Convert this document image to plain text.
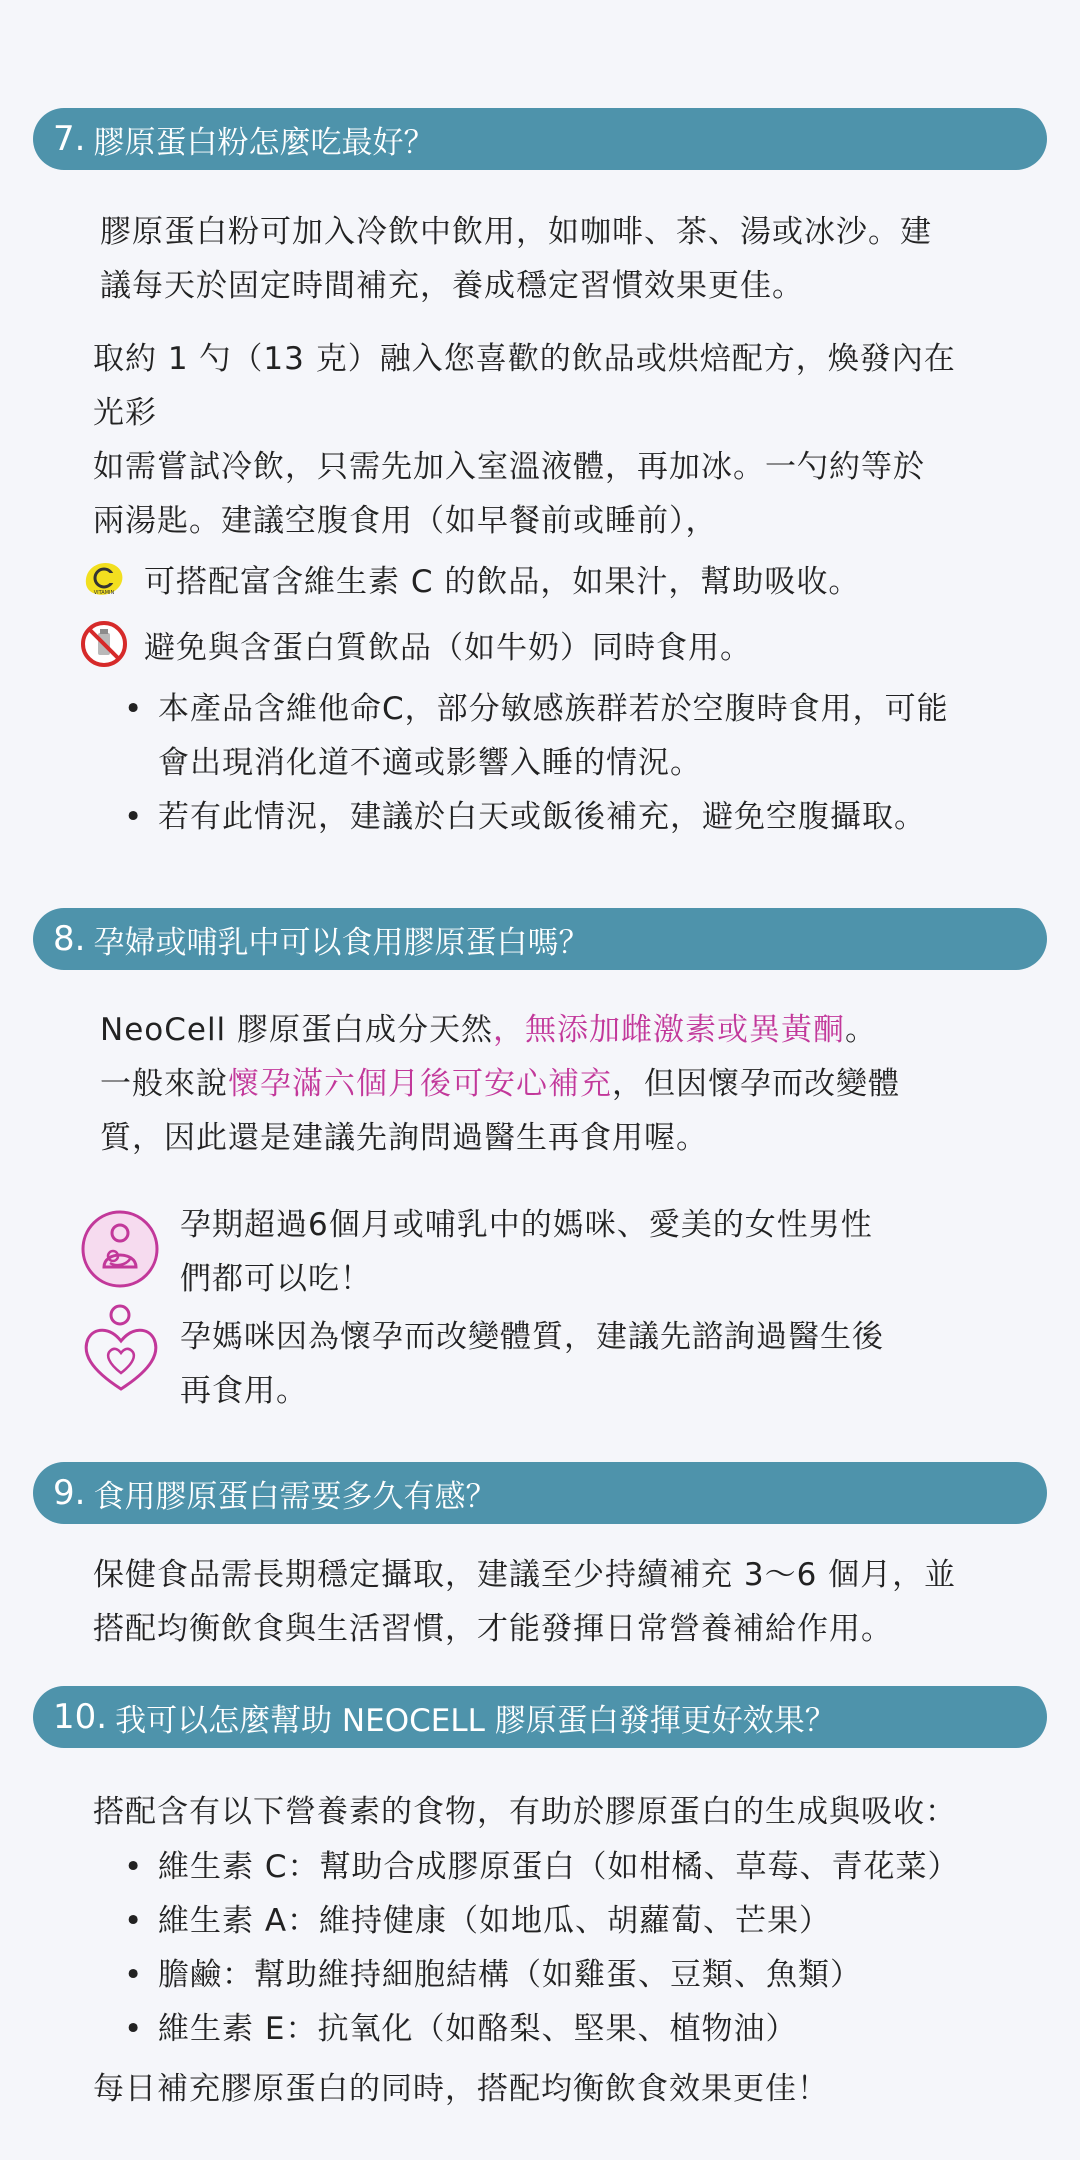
7. 膠原蛋白粉怎麼吃最好？
膠原蛋白粉可加入冷飲中飲用，如咖啡、茶、湯或冰沙。建
議每天於固定時間補充，養成穩定習慣效果更佳。
取約 1 勺（13 克）融入您喜歡的飲品或烘焙配方，煥發內在
光彩
如需嘗試冷飲，只需先加入室溫液體，再加冰。一勺約等於
兩湯匙。建議空腹食用（如早餐前或睡前），
VITAMIN 可搭配富含維生素 C 的飲品，如果汁，幫助吸收。
避免與含蛋白質飲品（如牛奶）同時食用。
• 本產品含維他命C，部分敏感族群若於空腹時食用，可能
會出現消化道不適或影響入睡的情況。
• 若有此情況，建議於白天或飯後補充，避免空腹攝取。
8. 孕婦或哺乳中可以食用膠原蛋白嗎？
NeoCell 膠原蛋白成分天然，無添加雌激素或異黃酮。
一般來說懷孕滿六個月後可安心補充，但因懷孕而改變體
質，因此還是建議先詢問過醫生再食用喔。
孕期超過6個月或哺乳中的媽咪、愛美的女性男性
們都可以吃！
孕媽咪因為懷孕而改變體質，建議先諮詢過醫生後
再食用。
9. 食用膠原蛋白需要多久有感？
保健食品需長期穩定攝取，建議至少持續補充 3～6 個月，並
搭配均衡飲食與生活習慣，才能發揮日常營養補給作用。
10. 我可以怎麼幫助 NEOCELL 膠原蛋白發揮更好效果？
搭配含有以下營養素的食物，有助於膠原蛋白的生成與吸收：
• 維生素 C：幫助合成膠原蛋白（如柑橘、草莓、青花菜）
• 維生素 A：維持健康（如地瓜、胡蘿蔔、芒果）
• 膽鹼：幫助維持細胞結構（如雞蛋、豆類、魚類）
• 維生素 E：抗氧化（如酪梨、堅果、植物油）
每日補充膠原蛋白的同時，搭配均衡飲食效果更佳！
